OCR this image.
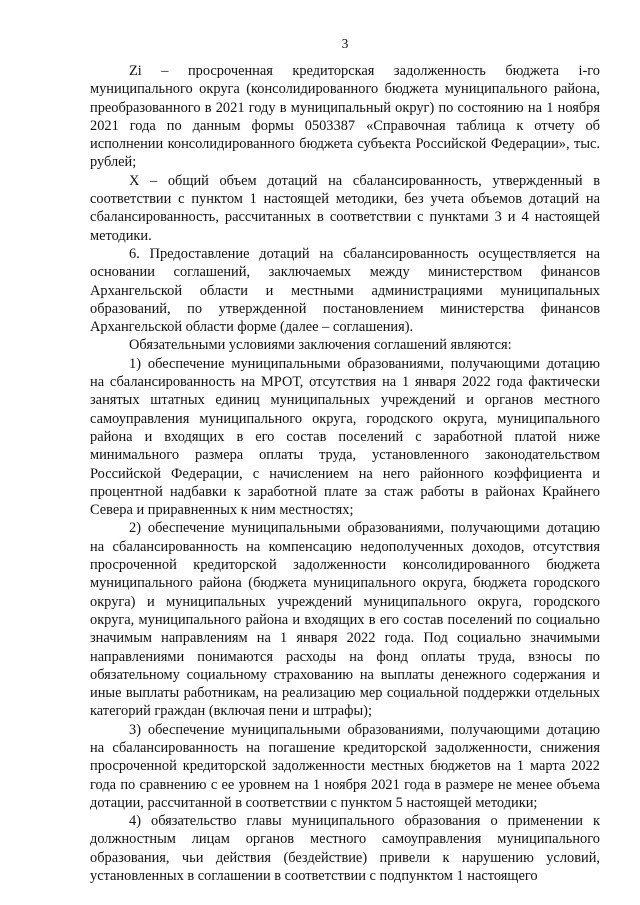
3

Zi – просроченная кредиторская задолженность бюджета i-го муниципального округа (консолидированного бюджета муниципального района, преобразованного в 2021 году в муниципальный округ) по состоянию на 1 ноября 2021 года по данным формы 0503387 «Справочная таблица к отчету об исполнении консолидированного бюджета субъекта Российской Федерации», тыс. рублей;

X – общий объем дотаций на сбалансированность, утвержденный в соответствии с пунктом 1 настоящей методики, без учета объемов дотаций на сбалансированность, рассчитанных в соответствии с пунктами 3 и 4 настоящей методики.

6. Предоставление дотаций на сбалансированность осуществляется на основании соглашений, заключаемых между министерством финансов Архангельской области и местными администрациями муниципальных образований, по утвержденной постановлением министерства финансов Архангельской области форме (далее – соглашения).

Обязательными условиями заключения соглашений являются:

1) обеспечение муниципальными образованиями, получающими дотацию на сбалансированность на МРОТ, отсутствия на 1 января 2022 года фактически занятых штатных единиц муниципальных учреждений и органов местного самоуправления муниципального округа, городского округа, муниципального района и входящих в его состав поселений с заработной платой ниже минимального размера оплаты труда, установленного законодательством Российской Федерации, с начислением на него районного коэффициента и процентной надбавки к заработной плате за стаж работы в районах Крайнего Севера и приравненных к ним местностях;

2) обеспечение муниципальными образованиями, получающими дотацию на сбалансированность на компенсацию недополученных доходов, отсутствия просроченной кредиторской задолженности консолидированного бюджета муниципального района (бюджета муниципального округа, бюджета городского округа) и муниципальных учреждений муниципального округа, городского округа, муниципального района и входящих в его состав поселений по социально значимым направлениям на 1 января 2022 года. Под социально значимыми направлениями понимаются расходы на фонд оплаты труда, взносы по обязательному социальному страхованию на выплаты денежного содержания и иные выплаты работникам, на реализацию мер социальной поддержки отдельных категорий граждан (включая пени и штрафы);

3) обеспечение муниципальными образованиями, получающими дотацию на сбалансированность на погашение кредиторской задолженности, снижения просроченной кредиторской задолженности местных бюджетов на 1 марта 2022 года по сравнению с ее уровнем на 1 ноября 2021 года в размере не менее объема дотации, рассчитанной в соответствии с пунктом 5 настоящей методики;

4) обязательство главы муниципального образования о применении к должностным лицам органов местного самоуправления муниципального образования, чьи действия (бездействие) привели к нарушению условий, установленных в соглашении в соответствии с подпунктом 1 настоящего
